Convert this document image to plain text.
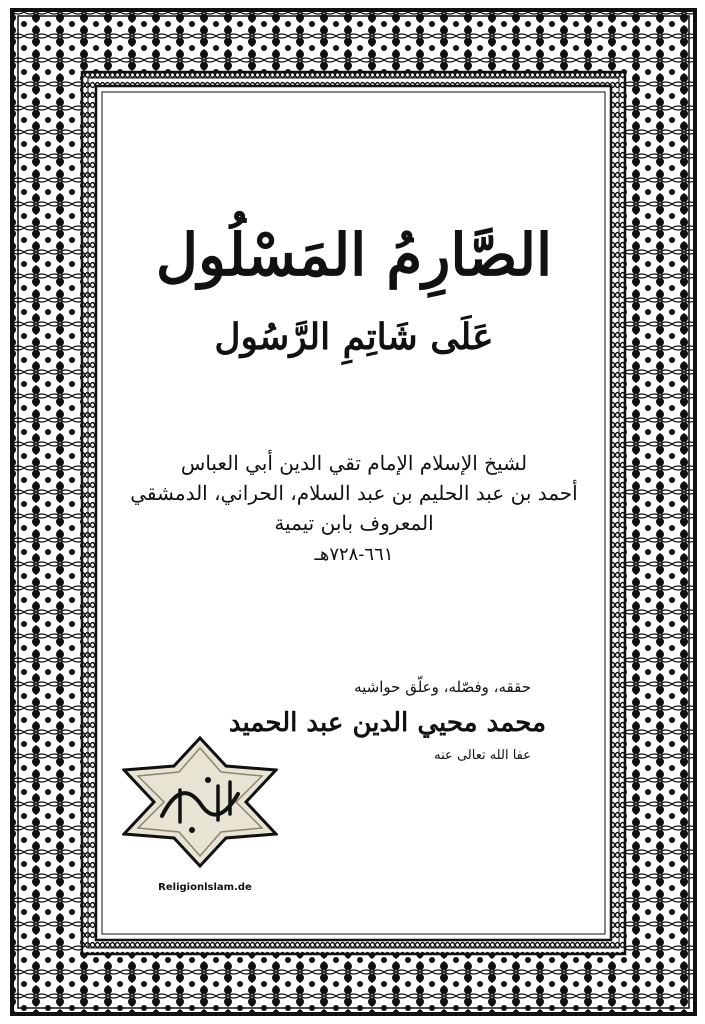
الصَّارِمُ المَسْلُول

عَلَى شَاتِمِ الرَّسُول

لشيخ الإسلام الإمام تقي الدين أبي العباس

أحمد بن عبد الحليم بن عبد السلام، الحراني، الدمشقي

المعروف بابن تيمية

٦٦١-٧٢٨هـ

حققه، وفصّله، وعلّق حواشيه

محمد محيي الدين عبد الحميد

عفا الله تعالى عنه

Religionlslam.de
